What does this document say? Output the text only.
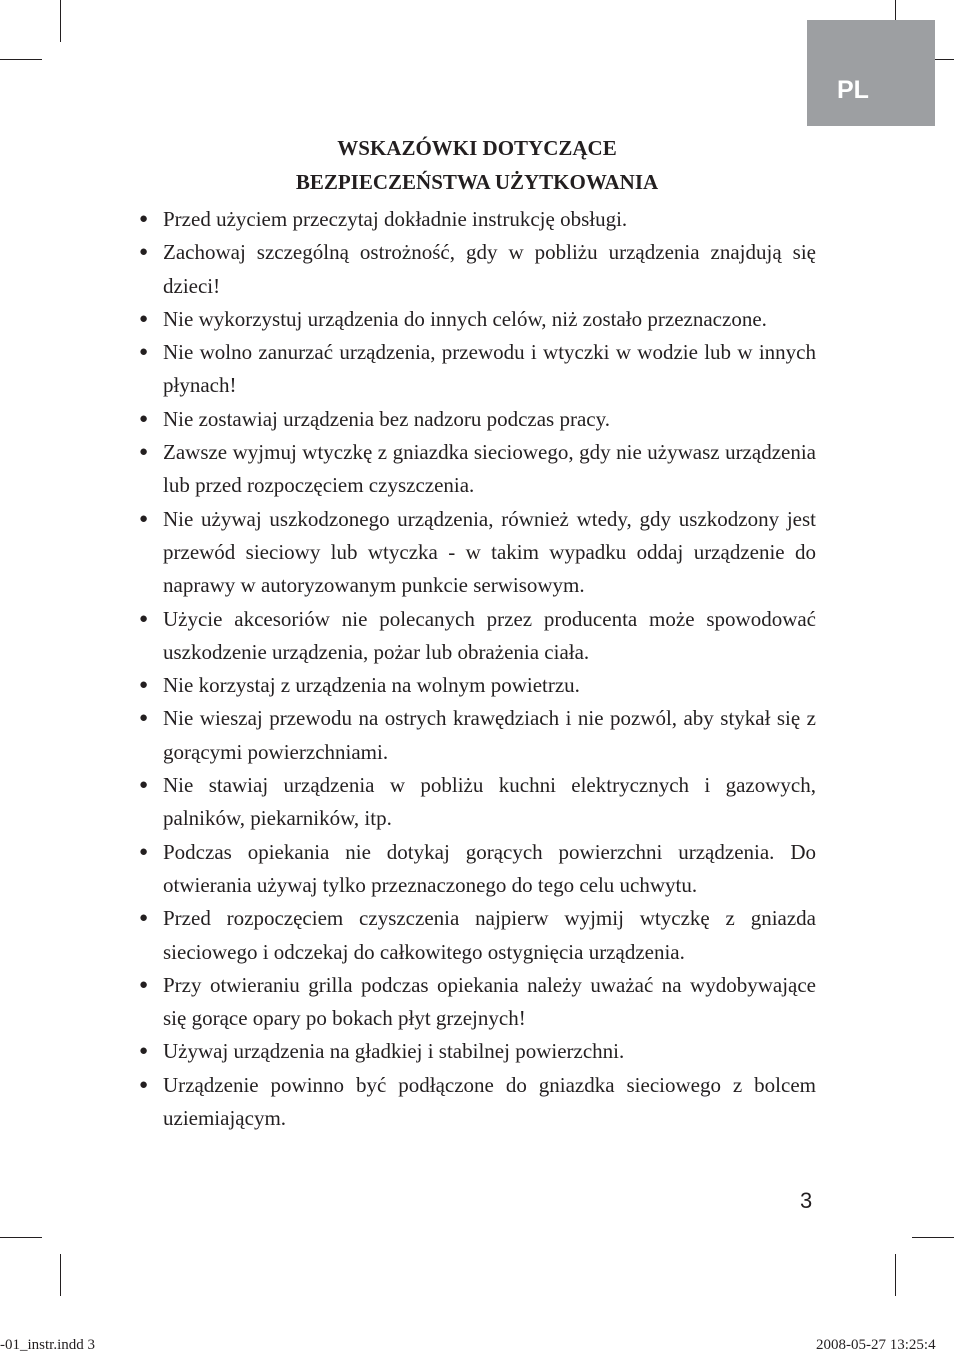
PL
WSKAZÓWKI DOTYCZĄCE
BEZPIECZEŃSTWA UŻYTKOWANIA
● Przed użyciem przeczytaj dokładnie instrukcję obsługi.
● Zachowaj szczególną ostrożność, gdy w pobliżu urządzenia znajdują się dzieci!
● Nie wykorzystuj urządzenia do innych celów, niż zostało przeznaczone.
● Nie wolno zanurzać urządzenia, przewodu i wtyczki w wodzie lub w innych płynach!
● Nie zostawiaj urządzenia bez nadzoru podczas pracy.
● Zawsze wyjmuj wtyczkę z gniazdka sieciowego, gdy nie używasz urządzenia lub przed rozpoczęciem czyszczenia.
● Nie używaj uszkodzonego urządzenia, również wtedy, gdy uszkodzony jest przewód sieciowy lub wtyczka - w takim wypadku oddaj urządzenie do naprawy w autoryzowanym punkcie serwisowym.
● Użycie akcesoriów nie polecanych przez producenta może spowodować uszkodzenie urządzenia, pożar lub obrażenia ciała.
● Nie korzystaj z urządzenia na wolnym powietrzu.
● Nie wieszaj przewodu na ostrych krawędziach i nie pozwól, aby stykał się z gorącymi powierzchniami.
● Nie stawiaj urządzenia w pobliżu kuchni elektrycznych i gazowych, palników, piekarników, itp.
● Podczas opiekania nie dotykaj gorących powierzchni urządzenia. Do otwierania używaj tylko przeznaczonego do tego celu uchwytu.
● Przed rozpoczęciem czyszczenia najpierw wyjmij wtyczkę z gniazda sieciowego i odczekaj do całkowitego ostygnięcia urządzenia.
● Przy otwieraniu grilla podczas opiekania należy uważać na wydobywające się gorące opary po bokach płyt grzejnych!
● Używaj urządzenia na gładkiej i stabilnej powierzchni.
● Urządzenie powinno być podłączone do gniazdka sieciowego z bolcem uziemiającym.
3
-01_instr.indd 3	2008-05-27 13:25:4
